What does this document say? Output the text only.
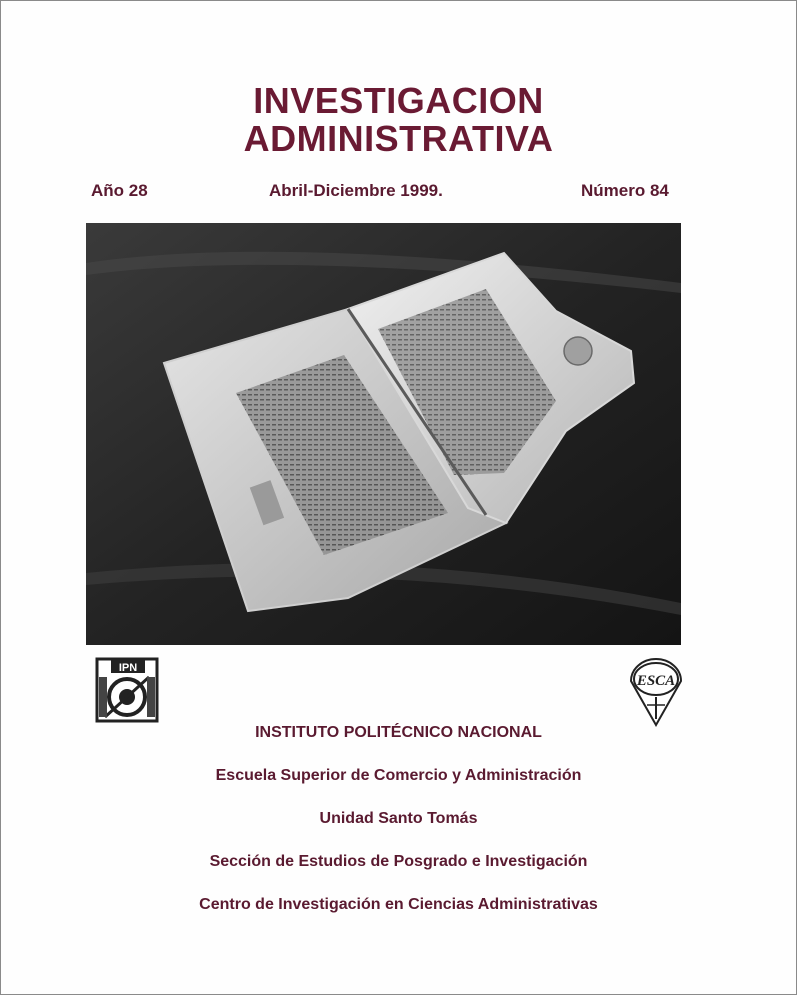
INVESTIGACION
ADMINISTRATIVA
Año 28	Abril-Diciembre 1999.	Número 84
IPN
ESCA
INSTITUTO POLITÉCNICO NACIONAL
Escuela Superior de Comercio y Administración
Unidad Santo Tomás
Sección de Estudios de Posgrado e Investigación
Centro de Investigación en Ciencias Administrativas
